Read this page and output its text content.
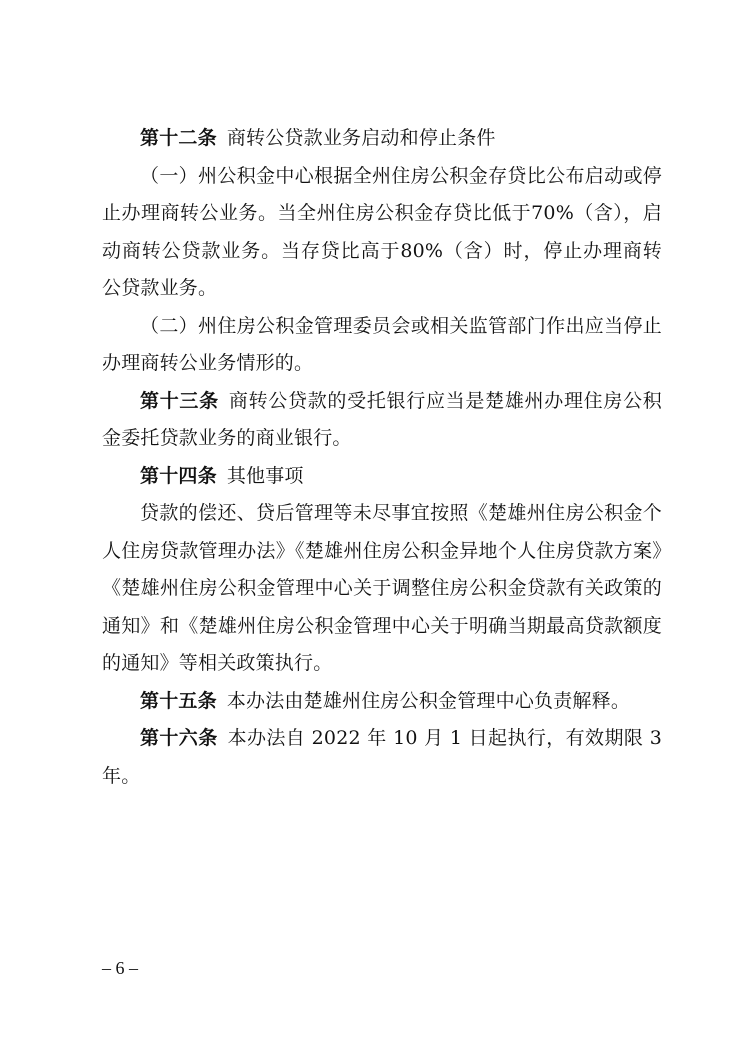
第十二条 商转公贷款业务启动和停止条件

（一）州公积金中心根据全州住房公积金存贷比公布启动或停止办理商转公业务。当全州住房公积金存贷比低于70%（含），启动商转公贷款业务。当存贷比高于80%（含）时，停止办理商转公贷款业务。

（二）州住房公积金管理委员会或相关监管部门作出应当停止办理商转公业务情形的。

第十三条 商转公贷款的受托银行应当是楚雄州办理住房公积金委托贷款业务的商业银行。

第十四条 其他事项

贷款的偿还、贷后管理等未尽事宜按照《楚雄州住房公积金个人住房贷款管理办法》《楚雄州住房公积金异地个人住房贷款方案》《楚雄州住房公积金管理中心关于调整住房公积金贷款有关政策的通知》和《楚雄州住房公积金管理中心关于明确当期最高贷款额度的通知》等相关政策执行。

第十五条 本办法由楚雄州住房公积金管理中心负责解释。

第十六条 本办法自 2022 年 10 月 1 日起执行，有效期限 3 年。

– 6 –
